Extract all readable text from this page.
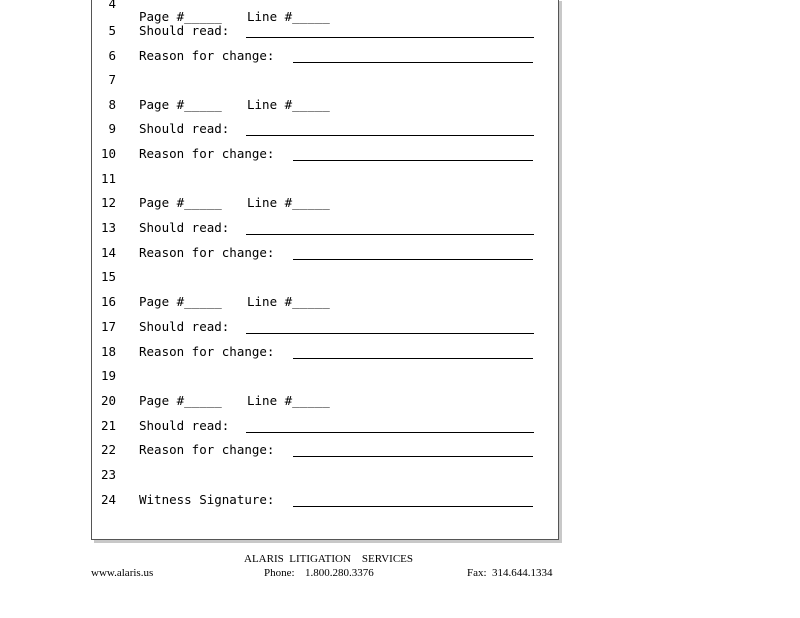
4
Page #_____ Line #_____
5 Should read:
6 Reason for change:
7
8 Page #_____ Line #_____
9 Should read:
10 Reason for change:
11
12 Page #_____ Line #_____
13 Should read:
14 Reason for change:
15
16 Page #_____ Line #_____
17 Should read:
18 Reason for change:
19
20 Page #_____ Line #_____
21 Should read:
22 Reason for change:
23
24 Witness Signature:
ALARIS  LITIGATION    SERVICES
www.alaris.us	Phone: 1.800.280.3376	Fax: 314.644.1334
